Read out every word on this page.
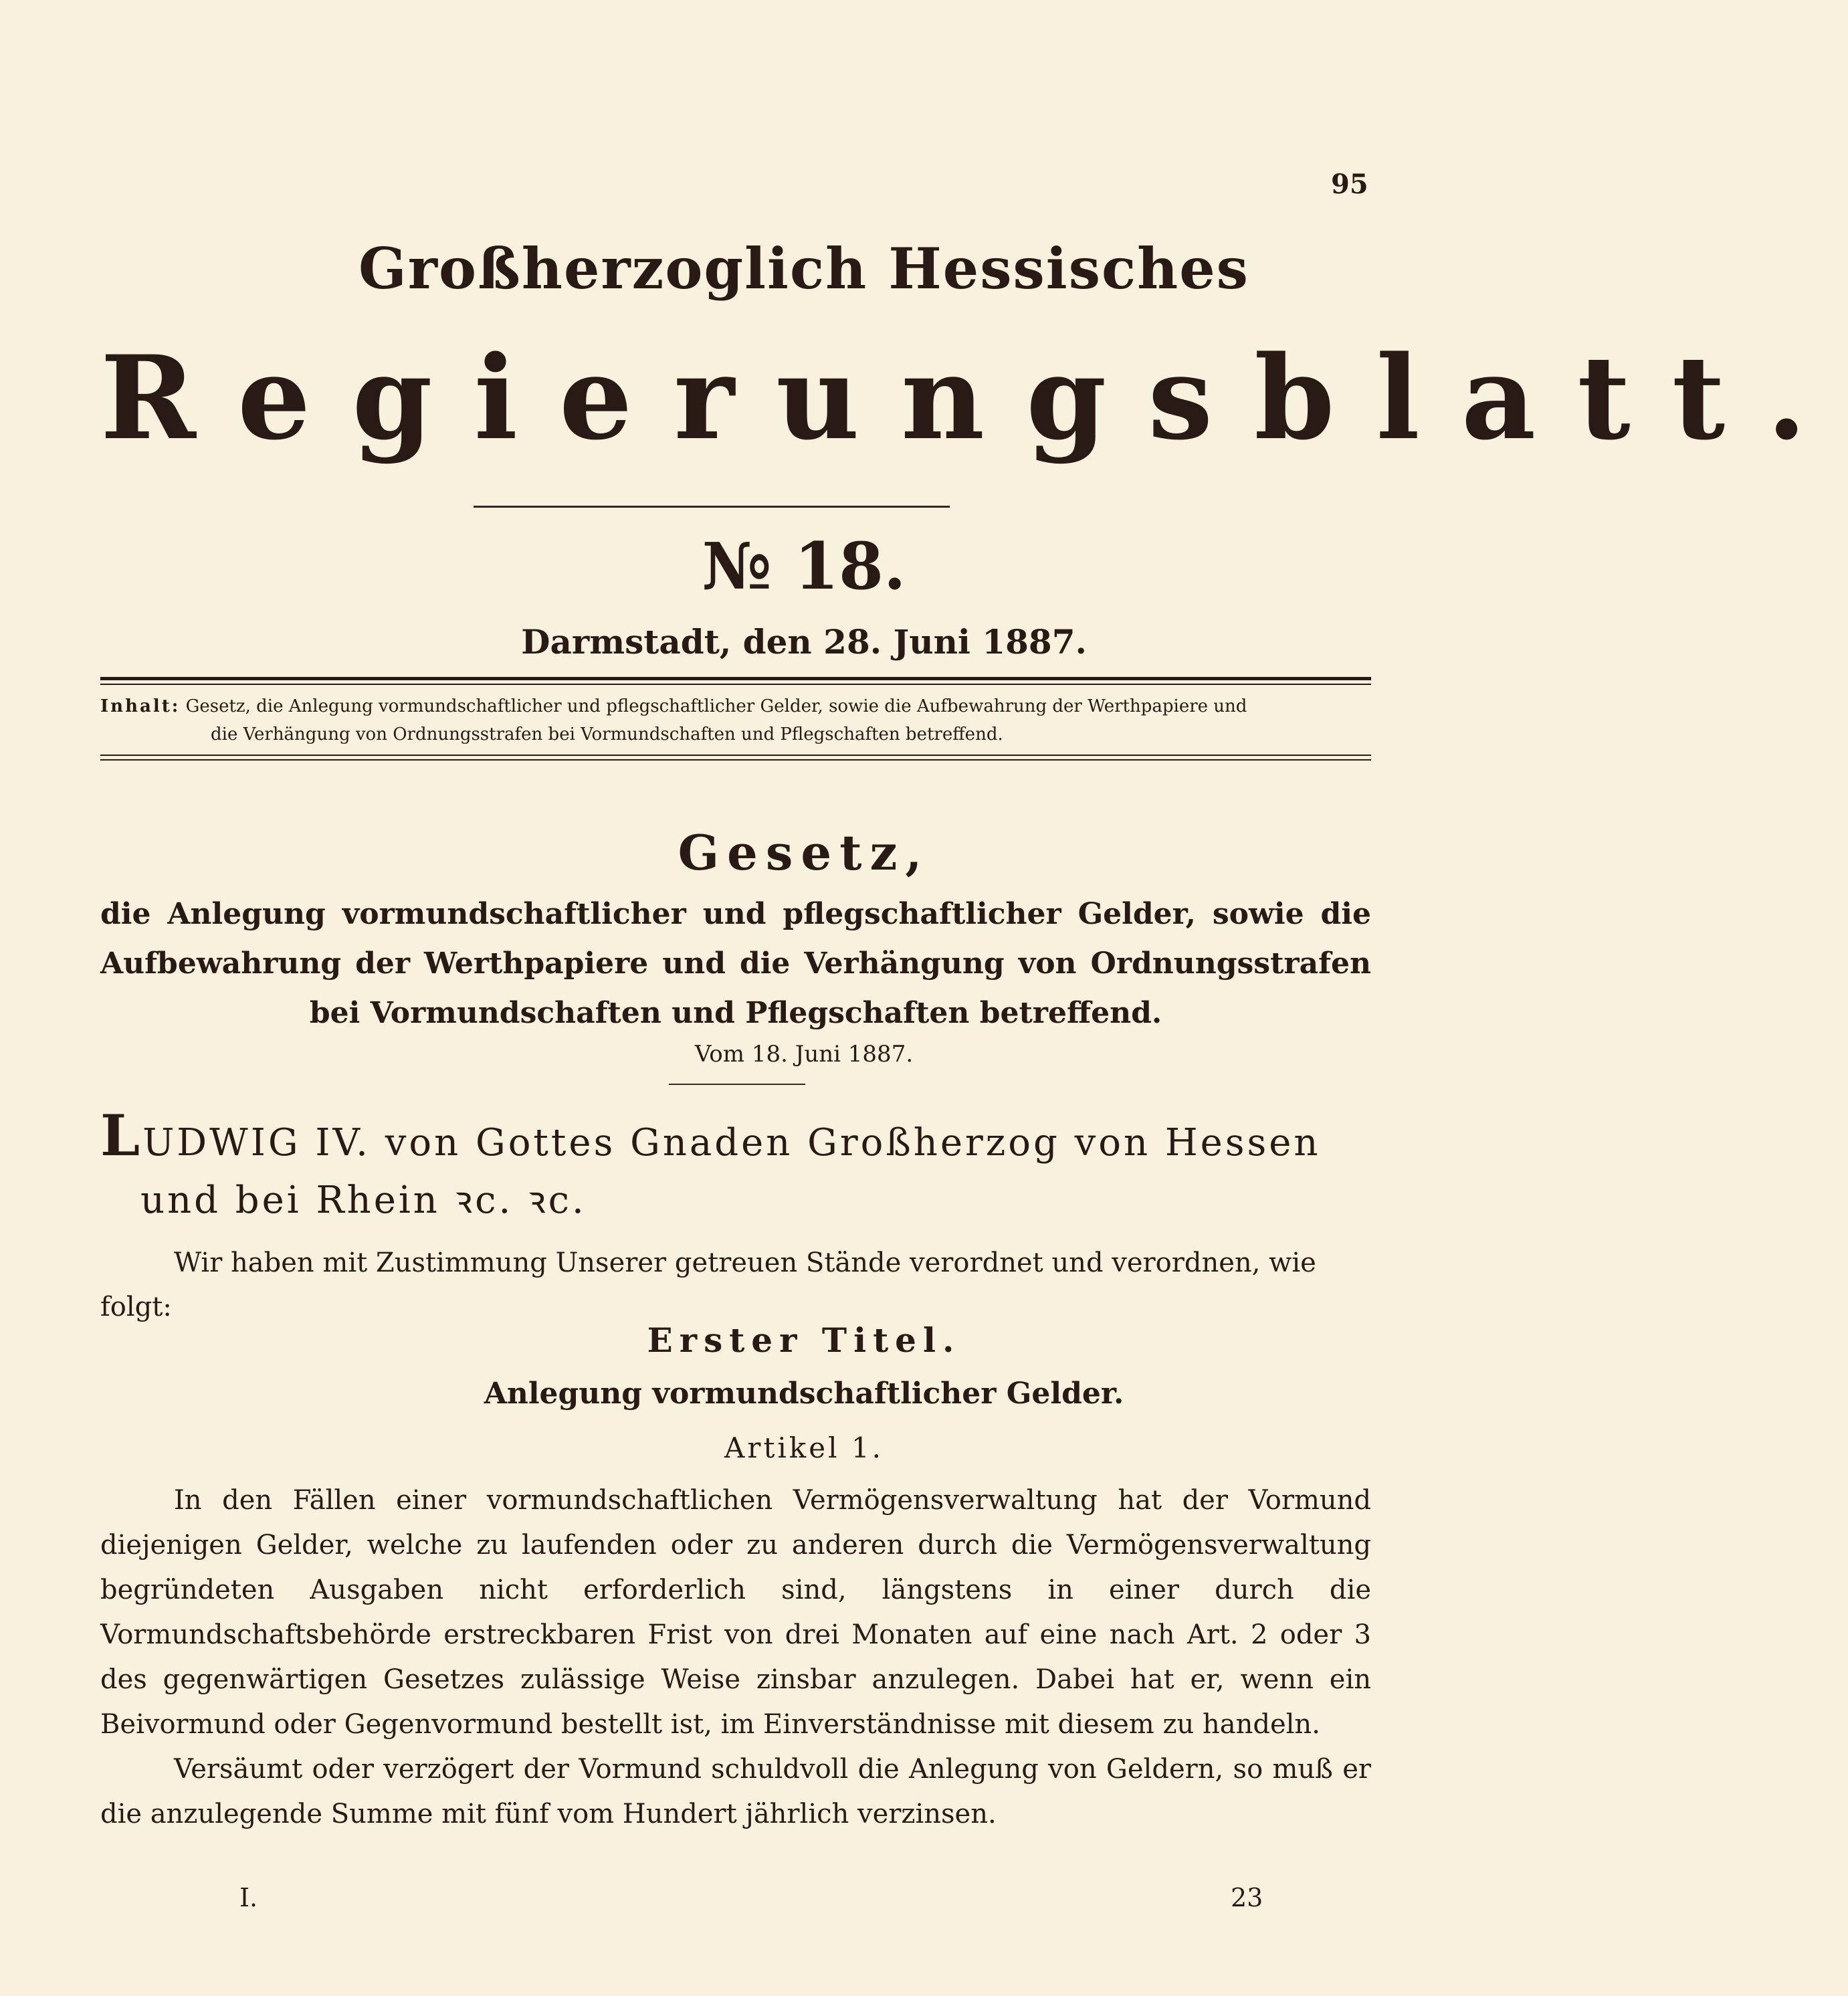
95
Großherzoglich Hessisches
Regierungsblatt.
№ 18.
Darmstadt, den 28. Juni 1887.
Inhalt: Gesetz, die Anlegung vormundschaftlicher und pflegschaftlicher Gelder, sowie die Aufbewahrung der Werthpapiere und
die Verhängung von Ordnungsstrafen bei Vormundschaften und Pflegschaften betreffend.
Gesetz,
die Anlegung vormundschaftlicher und pflegschaftlicher Gelder, sowie die Aufbewahrung der Werthpapiere und die Verhängung von Ordnungsstrafen bei Vormundschaften und Pflegschaften betreffend.
Vom 18. Juni 1887.
LUDWIG IV. von Gottes Gnaden Großherzog von Hessen
und bei Rhein ꝛc. ꝛc.
Wir haben mit Zustimmung Unserer getreuen Stände verordnet und verordnen, wie
folgt:
Erster Titel.
Anlegung vormundschaftlicher Gelder.
Artikel 1.
In den Fällen einer vormundschaftlichen Vermögensverwaltung hat der Vormund diejenigen Gelder, welche zu laufenden oder zu anderen durch die Vermögensverwaltung begründeten Ausgaben nicht erforderlich sind, längstens in einer durch die Vormundschaftsbehörde erstreckbaren Frist von drei Monaten auf eine nach Art. 2 oder 3 des gegenwärtigen Gesetzes zulässige Weise zinsbar anzulegen. Dabei hat er, wenn ein Beivormund oder Gegenvormund bestellt ist, im Einverständnisse mit diesem zu handeln.
Versäumt oder verzögert der Vormund schuldvoll die Anlegung von Geldern, so muß er die anzulegende Summe mit fünf vom Hundert jährlich verzinsen.
I.	23
